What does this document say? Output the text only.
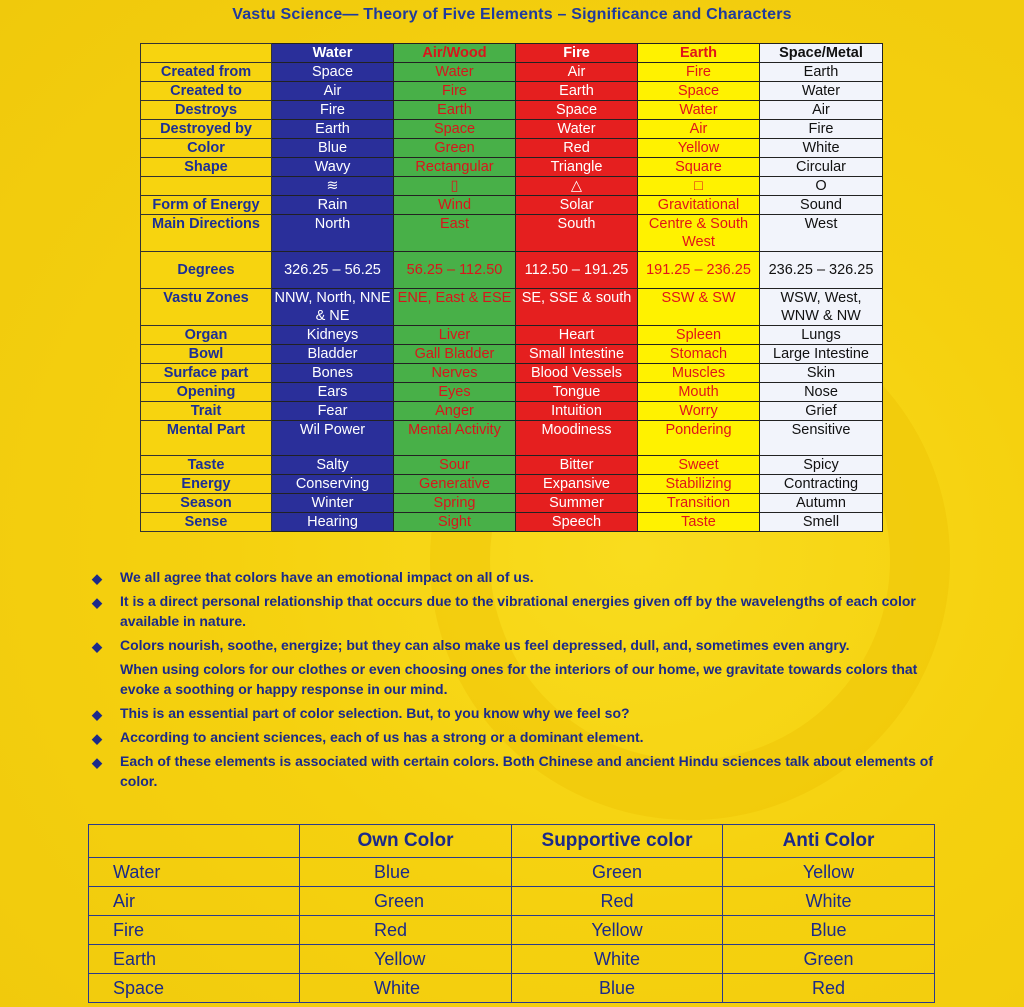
Vastu Science— Theory of Five Elements – Significance and Characters
	Water	Air/Wood	Fire	Earth	Space/Metal
Created from	Space	Water	Air	Fire	Earth
Created to	Air	Fire	Earth	Space	Water
Destroys	Fire	Earth	Space	Water	Air
Destroyed by	Earth	Space	Water	Air	Fire
Color	Blue	Green	Red	Yellow	White
Shape	Wavy	Rectangular	Triangle	Square	Circular
	≋	▯	△	□	O
Form of Energy	Rain	Wind	Solar	Gravitational	Sound
Main Directions	North	East	South	Centre & South West	West
Degrees	326.25 – 56.25	56.25 – 112.50	112.50 – 191.25	191.25 – 236.25	236.25 – 326.25
Vastu Zones	NNW, North, NNE & NE	ENE, East & ESE	SE, SSE & south	SSW & SW	WSW, West, WNW & NW
Organ	Kidneys	Liver	Heart	Spleen	Lungs
Bowl	Bladder	Gall Bladder	Small Intestine	Stomach	Large Intestine
Surface part	Bones	Nerves	Blood Vessels	Muscles	Skin
Opening	Ears	Eyes	Tongue	Mouth	Nose
Trait	Fear	Anger	Intuition	Worry	Grief
Mental Part	Wil Power	Mental Activity	Moodiness	Pondering	Sensitive
Taste	Salty	Sour	Bitter	Sweet	Spicy
Energy	Conserving	Generative	Expansive	Stabilizing	Contracting
Season	Winter	Spring	Summer	Transition	Autumn
Sense	Hearing	Sight	Speech	Taste	Smell
◆ We all agree that colors have an emotional impact on all of us.
◆ It is a direct personal relationship that occurs due to the vibrational energies given off by the wavelengths of each color available in nature.
◆ Colors nourish, soothe, energize; but they can also make us feel depressed, dull, and, sometimes even angry.
When using colors for our clothes or even choosing ones for the interiors of our home, we gravitate towards colors that evoke a soothing or happy response in our mind.
◆ This is an essential part of color selection. But, to you know why we feel so?
◆ According to ancient sciences, each of us has a strong or a dominant element.
◆ Each of these elements is associated with certain colors. Both Chinese and ancient Hindu sciences talk about elements of color.
	Own Color	Supportive color	Anti Color
Water	Blue	Green	Yellow
Air	Green	Red	White
Fire	Red	Yellow	Blue
Earth	Yellow	White	Green
Space	White	Blue	Red
